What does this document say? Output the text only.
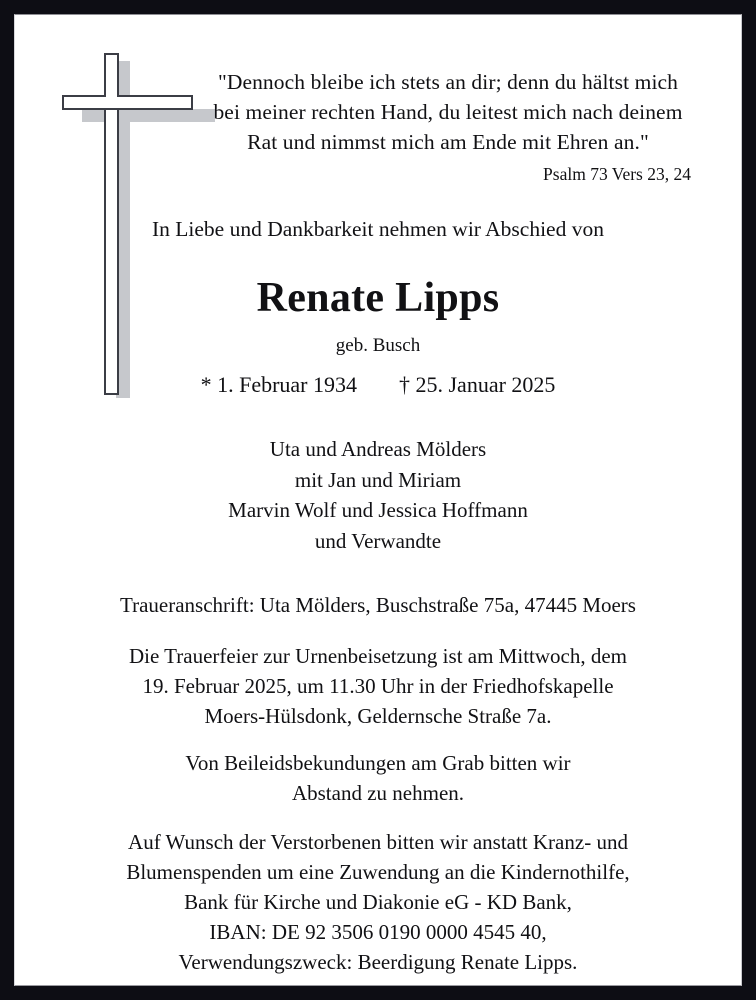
"Dennoch bleibe ich stets an dir; denn du hältst mich
bei meiner rechten Hand, du leitest mich nach deinem
Rat und nimmst mich am Ende mit Ehren an."
Psalm 73 Vers 23, 24
In Liebe und Dankbarkeit nehmen wir Abschied von
Renate Lipps
geb. Busch
* 1. Februar 1934 † 25. Januar 2025
Uta und Andreas Mölders
mit Jan und Miriam
Marvin Wolf und Jessica Hoffmann
und Verwandte
Traueranschrift: Uta Mölders, Buschstraße 75a, 47445 Moers
Die Trauerfeier zur Urnenbeisetzung ist am Mittwoch, dem
19. Februar 2025, um 11.30 Uhr in der Friedhofskapelle
Moers-Hülsdonk, Geldernsche Straße 7a.
Von Beileidsbekundungen am Grab bitten wir
Abstand zu nehmen.
Auf Wunsch der Verstorbenen bitten wir anstatt Kranz- und
Blumenspenden um eine Zuwendung an die Kindernothilfe,
Bank für Kirche und Diakonie eG - KD Bank,
IBAN: DE 92 3506 0190 0000 4545 40,
Verwendungszweck: Beerdigung Renate Lipps.
